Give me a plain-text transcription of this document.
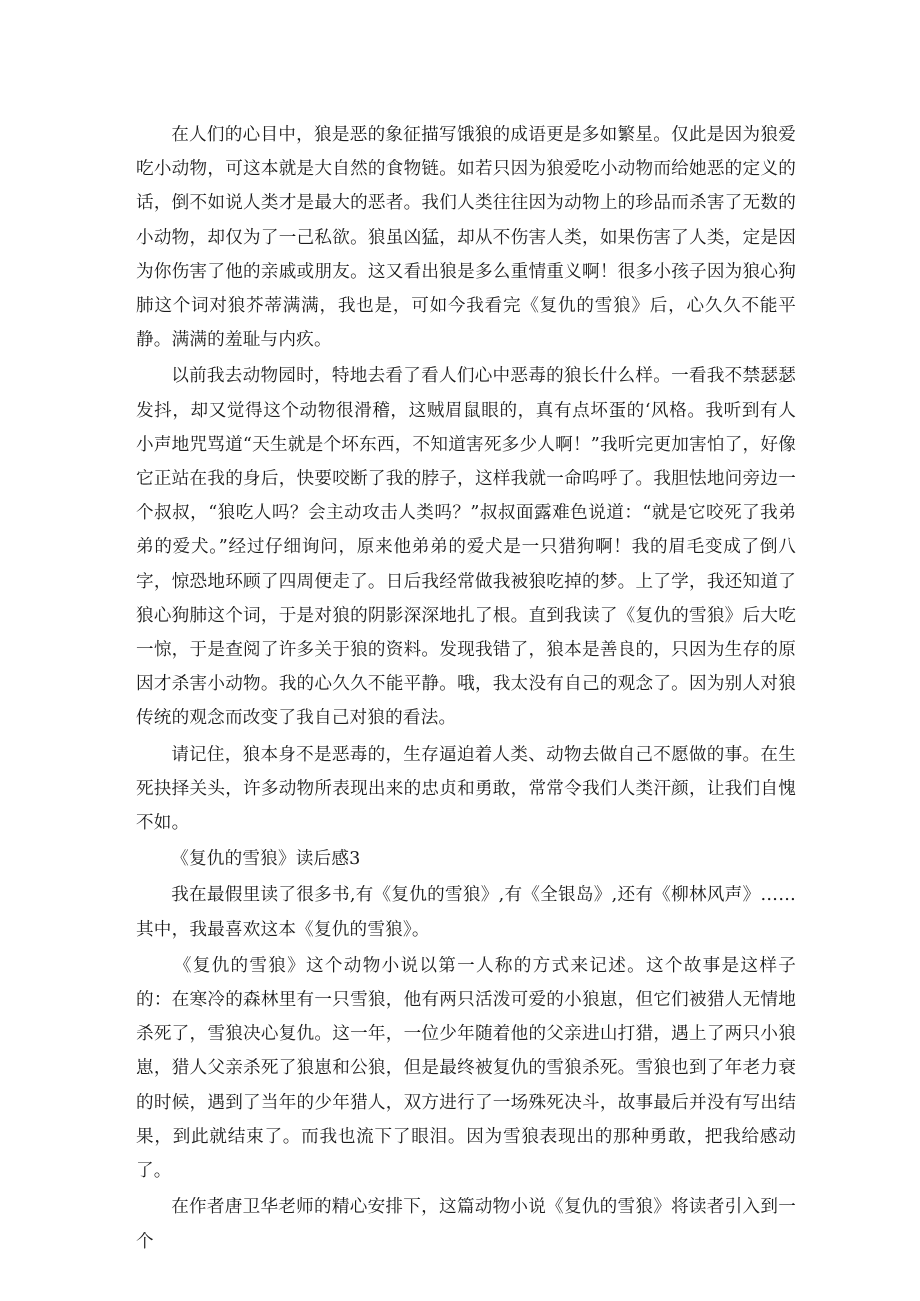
在人们的心目中，狼是恶的象征描写饿狼的成语更是多如繁星。仅此是因为狼爱吃小动物，可这本就是大自然的食物链。如若只因为狼爱吃小动物而给她恶的定义的话，倒不如说人类才是最大的恶者。我们人类往往因为动物上的珍品而杀害了无数的小动物，却仅为了一己私欲。狼虽凶猛，却从不伤害人类，如果伤害了人类，定是因为你伤害了他的亲戚或朋友。这又看出狼是多么重情重义啊！很多小孩子因为狼心狗肺这个词对狼芥蒂满满，我也是，可如今我看完《复仇的雪狼》后，心久久不能平静。满满的羞耻与内疚。

以前我去动物园时，特地去看了看人们心中恶毒的狼长什么样。一看我不禁瑟瑟发抖，却又觉得这个动物很滑稽，这贼眉鼠眼的，真有点坏蛋的‘风格。我听到有人小声地咒骂道“天生就是个坏东西，不知道害死多少人啊！”我听完更加害怕了，好像它正站在我的身后，快要咬断了我的脖子，这样我就一命呜呼了。我胆怯地问旁边一个叔叔，“狼吃人吗？会主动攻击人类吗？”叔叔面露难色说道：“就是它咬死了我弟弟的爱犬。”经过仔细询问，原来他弟弟的爱犬是一只猎狗啊！我的眉毛变成了倒八字，惊恐地环顾了四周便走了。日后我经常做我被狼吃掉的梦。上了学，我还知道了狼心狗肺这个词，于是对狼的阴影深深地扎了根。直到我读了《复仇的雪狼》后大吃一惊，于是查阅了许多关于狼的资料。发现我错了，狼本是善良的，只因为生存的原因才杀害小动物。我的心久久不能平静。哦，我太没有自己的观念了。因为别人对狼传统的观念而改变了我自己对狼的看法。

请记住，狼本身不是恶毒的，生存逼迫着人类、动物去做自己不愿做的事。在生死抉择关头，许多动物所表现出来的忠贞和勇敢，常常令我们人类汗颜，让我们自愧不如。

《复仇的雪狼》读后感3

我在最假里读了很多书,有《复仇的雪狼》,有《全银岛》,还有《柳林风声》……其中，我最喜欢这本《复仇的雪狼》。

《复仇的雪狼》这个动物小说以第一人称的方式来记述。这个故事是这样子的：在寒冷的森林里有一只雪狼，他有两只活泼可爱的小狼崽，但它们被猎人无情地杀死了，雪狼决心复仇。这一年，一位少年随着他的父亲进山打猎，遇上了两只小狼崽，猎人父亲杀死了狼崽和公狼，但是最终被复仇的雪狼杀死。雪狼也到了年老力衰的时候，遇到了当年的少年猎人，双方进行了一场殊死决斗，故事最后并没有写出结果，到此就结束了。而我也流下了眼泪。因为雪狼表现出的那种勇敢，把我给感动了。

在作者唐卫华老师的精心安排下，这篇动物小说《复仇的雪狼》将读者引入到一个
